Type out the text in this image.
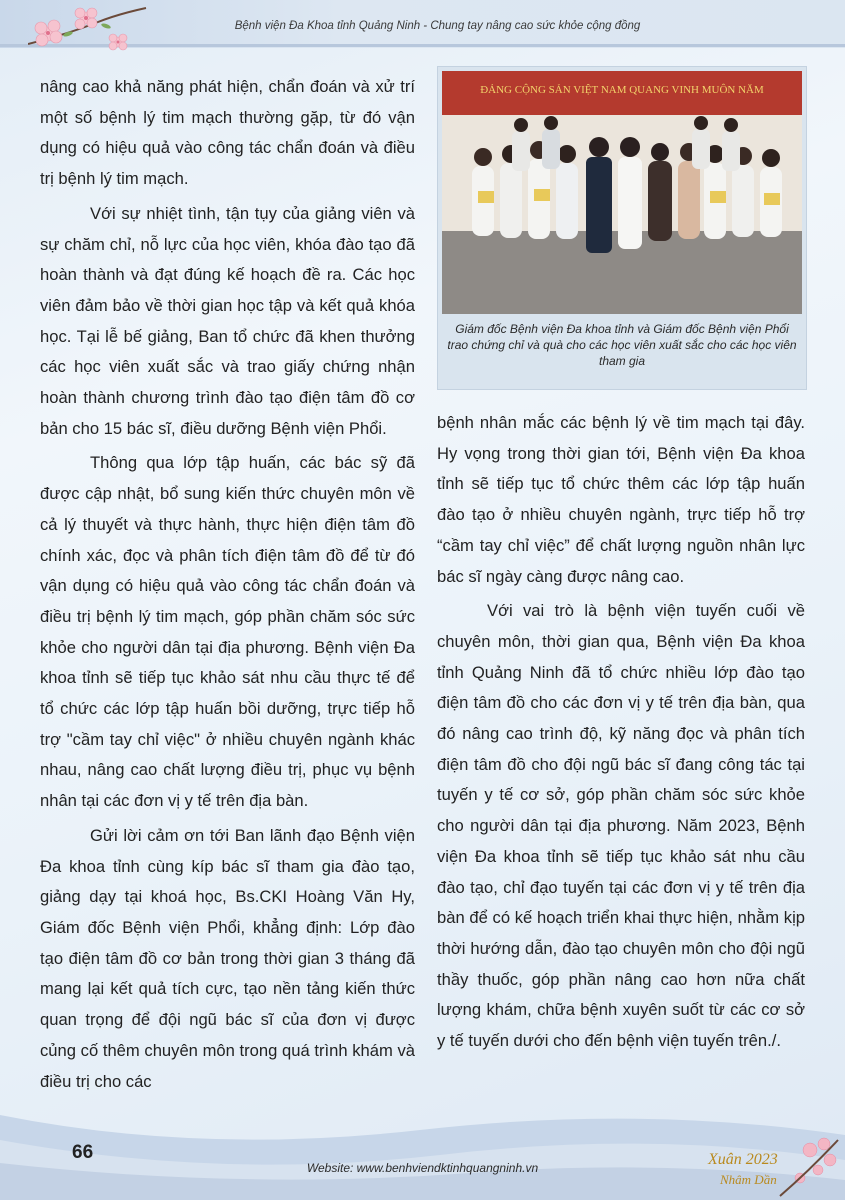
Bệnh viện Đa Khoa tỉnh Quảng Ninh - Chung tay nâng cao sức khỏe cộng đồng

nâng cao khả năng phát hiện, chẩn đoán và xử trí một số bệnh lý tim mạch thường gặp, từ đó vận dụng có hiệu quả vào công tác chẩn đoán và điều trị bệnh lý tim mạch.

Với sự nhiệt tình, tận tụy của giảng viên và sự chăm chỉ, nỗ lực của học viên, khóa đào tạo đã hoàn thành và đạt đúng kế hoạch đề ra. Các học viên đảm bảo về thời gian học tập và kết quả khóa học. Tại lễ bế giảng, Ban tổ chức đã khen thưởng các học viên xuất sắc và trao giấy chứng nhận hoàn thành chương trình đào tạo điện tâm đồ cơ bản cho 15 bác sĩ, điều dưỡng Bệnh viện Phổi.

Thông qua lớp tập huấn, các bác sỹ đã được cập nhật, bổ sung kiến thức chuyên môn về cả lý thuyết và thực hành, thực hiện điện tâm đồ chính xác, đọc và phân tích điện tâm đồ để từ đó vận dụng có hiệu quả vào công tác chẩn đoán và điều trị bệnh lý tim mạch, góp phần chăm sóc sức khỏe cho người dân tại địa phương. Bệnh viện Đa khoa tỉnh sẽ tiếp tục khảo sát nhu cầu thực tế để tổ chức các lớp tập huấn bồi dưỡng, trực tiếp hỗ trợ "cầm tay chỉ việc" ở nhiều chuyên ngành khác nhau, nâng cao chất lượng điều trị, phục vụ bệnh nhân tại các đơn vị y tế trên địa bàn.

Gửi lời cảm ơn tới Ban lãnh đạo Bệnh viện Đa khoa tỉnh cùng kíp bác sĩ tham gia đào tạo, giảng dạy tại khoá học, Bs.CKI Hoàng Văn Hy, Giám đốc Bệnh viện Phổi, khẳng định: Lớp đào tạo điện tâm đồ cơ bản trong thời gian 3 tháng đã mang lại kết quả tích cực, tạo nền tảng kiến thức quan trọng để đội ngũ bác sĩ của đơn vị được củng cố thêm chuyên môn trong quá trình khám và điều trị cho các

ĐẢNG CỘNG SẢN VIỆT NAM QUANG VINH MUÔN NĂM
Giám đốc Bệnh viện Đa khoa tỉnh và Giám đốc Bệnh viện Phổi trao chứng chỉ và quà cho các học viên xuất sắc cho các học viên tham gia

bệnh nhân mắc các bệnh lý về tim mạch tại đây. Hy vọng trong thời gian tới, Bệnh viện Đa khoa tỉnh sẽ tiếp tục tổ chức thêm các lớp tập huấn đào tạo ở nhiều chuyên ngành, trực tiếp hỗ trợ “cầm tay chỉ việc” để chất lượng nguồn nhân lực bác sĩ ngày càng được nâng cao.

Với vai trò là bệnh viện tuyến cuối về chuyên môn, thời gian qua, Bệnh viện Đa khoa tỉnh Quảng Ninh đã tổ chức nhiều lớp đào tạo điện tâm đồ cho các đơn vị y tế trên địa bàn, qua đó nâng cao trình độ, kỹ năng đọc và phân tích điện tâm đồ cho đội ngũ bác sĩ đang công tác tại tuyến y tế cơ sở, góp phần chăm sóc sức khỏe cho người dân tại địa phương. Năm 2023, Bệnh viện Đa khoa tỉnh sẽ tiếp tục khảo sát nhu cầu đào tạo, chỉ đạo tuyến tại các đơn vị y tế trên địa bàn để có kế hoạch triển khai thực hiện, nhằm kịp thời hướng dẫn, đào tạo chuyên môn cho đội ngũ thầy thuốc, góp phần nâng cao hơn nữa chất lượng khám, chữa bệnh xuyên suốt từ các cơ sở y tế tuyến dưới cho đến bệnh viện tuyến trên./.

66
Website: www.benhviendktinhquangninh.vn	Xuân 2023
Nhâm Dần
